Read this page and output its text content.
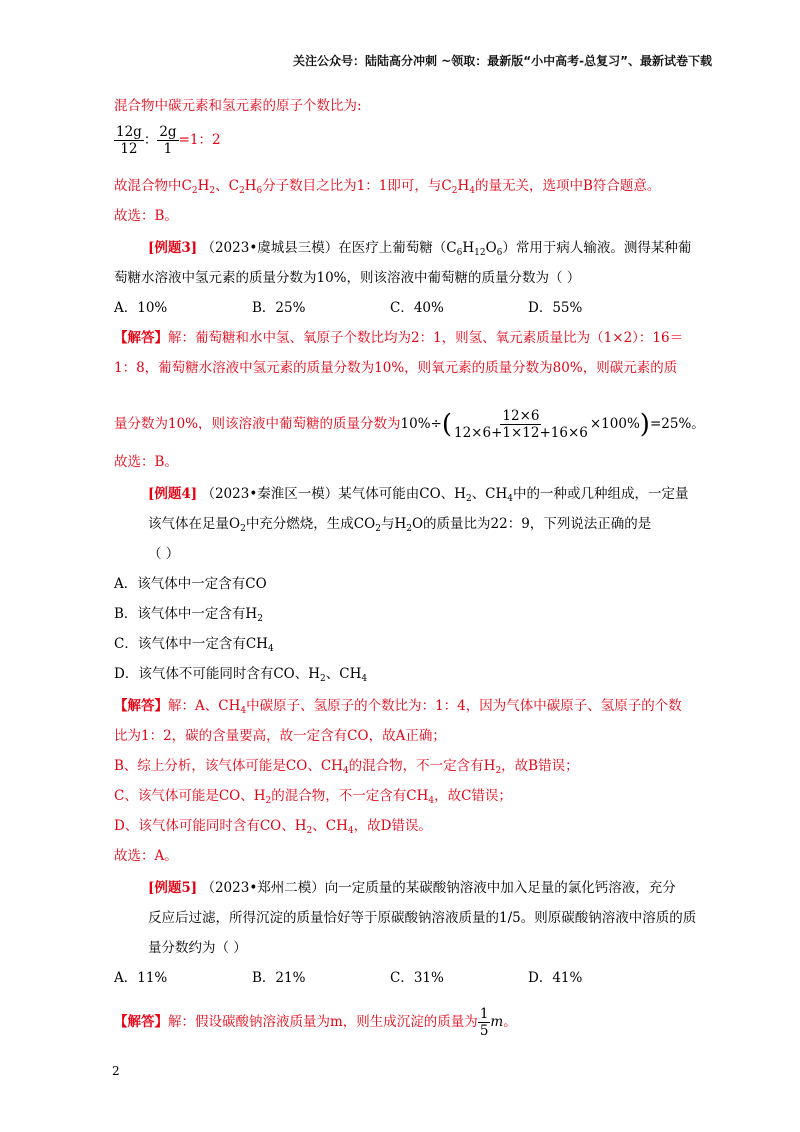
关注公众号：陆陆高分冲刺 ~领取：最新版“小中高考-总复习”、最新试卷下载
混合物中碳元素和氢元素的原子个数比为:
$\frac{12g}{12}$ ： $\frac{2g}{1} =1$：2
故混合物中$C_2H_2$、$C_2H_6$分子数目之比为1：1即可，与$C_2H_4$的量无关，选项中B符合题意。
故选：B。
[例题3] （2023•虞城县三模）在医疗上葡萄糖$(C_6H_{12}O_6)$常用于病人输液。测得某种葡
萄糖水溶液中氢元素的质量分数为10%，则该溶液中葡萄糖的质量分数为（ ）
A．10%	B．25%	C．40%	D．55%
【解答】解：葡萄糖和水中氢、氧原子个数比均为2：1，则氢、氧元素质量比为（1×2）：16＝
1：8，葡萄糖水溶液中氢元素的质量分数为10%，则氧元素的质量分数为80%，则碳元素的质
量分数为10%，则该溶液中葡萄糖的质量分数为$10\%\div( \frac{12\times 6}{12\times 6+1\times 12+16\times 6} \times 100\%)=25\%$。
故选：B。
[例题4] （2023•秦淮区一模）某气体可能由CO、$H_2$、$CH_4$中的一种或几种组成，一定量
该气体在足量$O_2$中充分燃烧，生成$CO_2$与$H_2O$的质量比为22：9，下列说法正确的是
（ ）
A．该气体中一定含有CO
B．该气体中一定含有$H_2$
C．该气体中一定含有$CH_4$
D．该气体不可能同时含有CO、$H_2$、$CH_4$
【解答】解：A、$CH_4$中碳原子、氢原子的个数比为：1：4，因为气体中碳原子、氢原子的个数
比为1：2，碳的含量要高，故一定含有CO，故A正确；
B、综上分析，该气体可能是CO、$CH_4$的混合物，不一定含有$H_2$，故B错误；
C、该气体可能是CO、$H_2$的混合物，不一定含有$CH_4$，故C错误；
D、该气体可能同时含有CO、$H_2$、$CH_4$，故D错误。
故选：A。
[例题5] （2023•郑州二模）向一定质量的某碳酸钠溶液中加入足量的氯化钙溶液，充分
反应后过滤，所得沉淀的质量恰好等于原碳酸钠溶液质量的1/5。则原碳酸钠溶液中溶质的质
量分数约为（ ）
A．11%	B．21%	C．31%	D．41%
【解答】解：假设碳酸钠溶液质量为m，则生成沉淀的质量为 $\frac{1}{5}$ m。
2
